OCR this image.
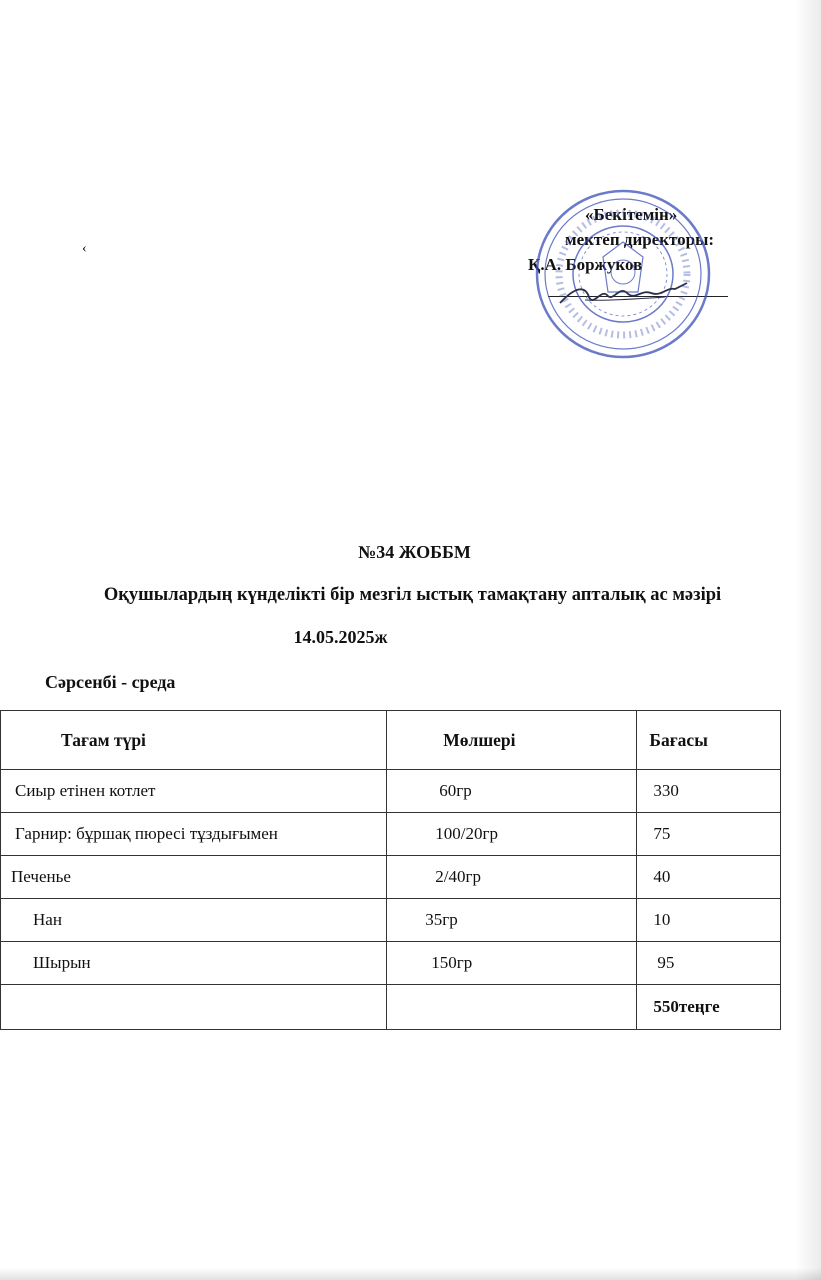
‹
«Бекітемін»
мектеп директоры:
Қ.А. Боржуков
№34 ЖОББМ
Оқушылардың күнделікті бір мезгіл ыстық тамақтану апталық ас мәзірі
14.05.2025ж
Сәрсенбі - среда
Тағам түрі	Мөлшері	Бағасы

Сиыр етінен котлет	60гр	330

Гарнир: бұршақ пюресі тұздығымен	100/20гр	75

Печенье	2/40гр	40

Нан	35гр	10

Шырын	150гр	95

		550теңге
